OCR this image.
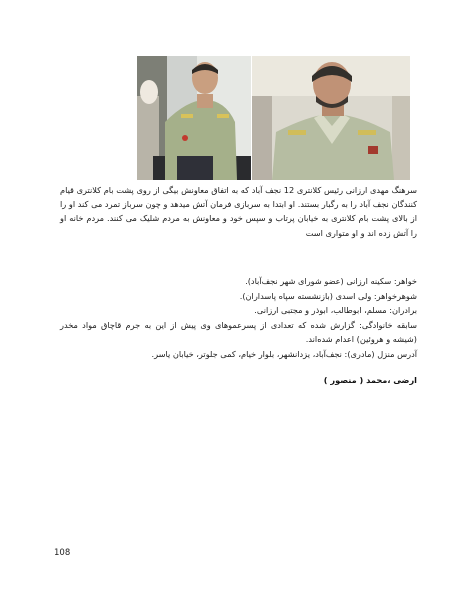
سرهنگ مهدی ارزانی رئیس کلانتری 12 نجف آباد که به اتفاق معاونش بیگی از روی پشت بام کلانتری قیام کنندگان نجف آباد را به رگبار بستند. او ابتدا به سربازی فرمان آتش میدهد و چون سرباز تمرد می کند او را از بالای پشت بام کلانتری به خیابان پرتاب و سپس خود و معاونش به مردم شلیک می کنند. مردم خانه او را آتش زده اند و او متواری است

خواهر: سکینه ارزانی (عضو شورای شهر نجف‌آباد).

شوهرخواهر: ولی اسدی (بازنشسته سپاه پاسداران).

برادران: مسلم، ابوطالب، ابوذر و مجتبی ارزانی.

سابقه خانوادگی: گزارش شده که تعدادی از پسرعموهای وی پیش از این به جرم قاچاق مواد مخدر (شیشه و هروئین) اعدام شده‌اند.

آدرس منزل (مادری): نجف‌آباد، یزدانشهر، بلوار خیام، کمی جلوتر، خیابان یاسر.

ارضی ،محمد ( منصور )
108
